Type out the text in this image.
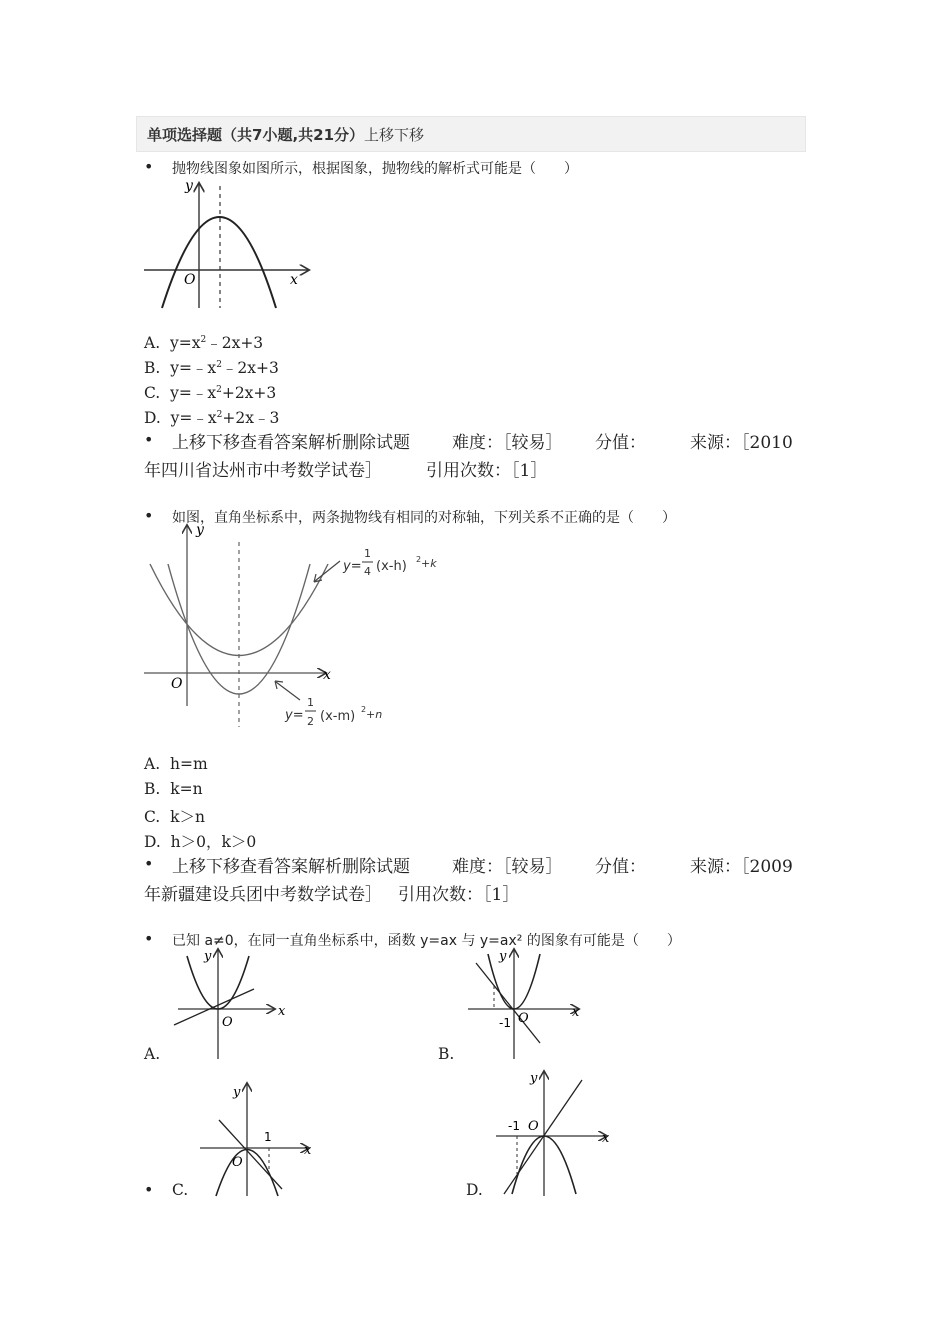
单项选择题（共7小题,共21分）上移下移
• 抛物线图象如图所示，根据图象，抛物线的解析式可能是（　　）
y
x
O
A. $y=x^2﹣2x+3$
B. $y=﹣x^2﹣2x+3$
C. $y=﹣x^2+2x+3$
D. $y=﹣x^2+2x﹣3$
• 上移下移查看答案解析删除试题 难度：［较易］ 分值：	来源：［2010
年四川省达州市中考数学试卷］	引用次数：［1］
• 如图，直角坐标系中，两条抛物线有相同的对称轴，下列关系不正确的是（　　）
y
x
O
y=
1
4 (x-h) 2 +k
y=
1
2 (x-m) 2 +n
A. h=m
B. k=n
C. k＞n
D. h＞0，k＞0
• 上移下移查看答案解析删除试题 难度：［较易］ 分值：	来源：［2009
年新疆建设兵团中考数学试卷］ 引用次数：［1］
• 已知 a≠0，在同一直角坐标系中，函数 y=ax 与 y=ax² 的图象有可能是（　　）
y
x
O
A.
y
x
-1 O
B.
y
x
1
O
• C.
y
x
-1 O
D.
